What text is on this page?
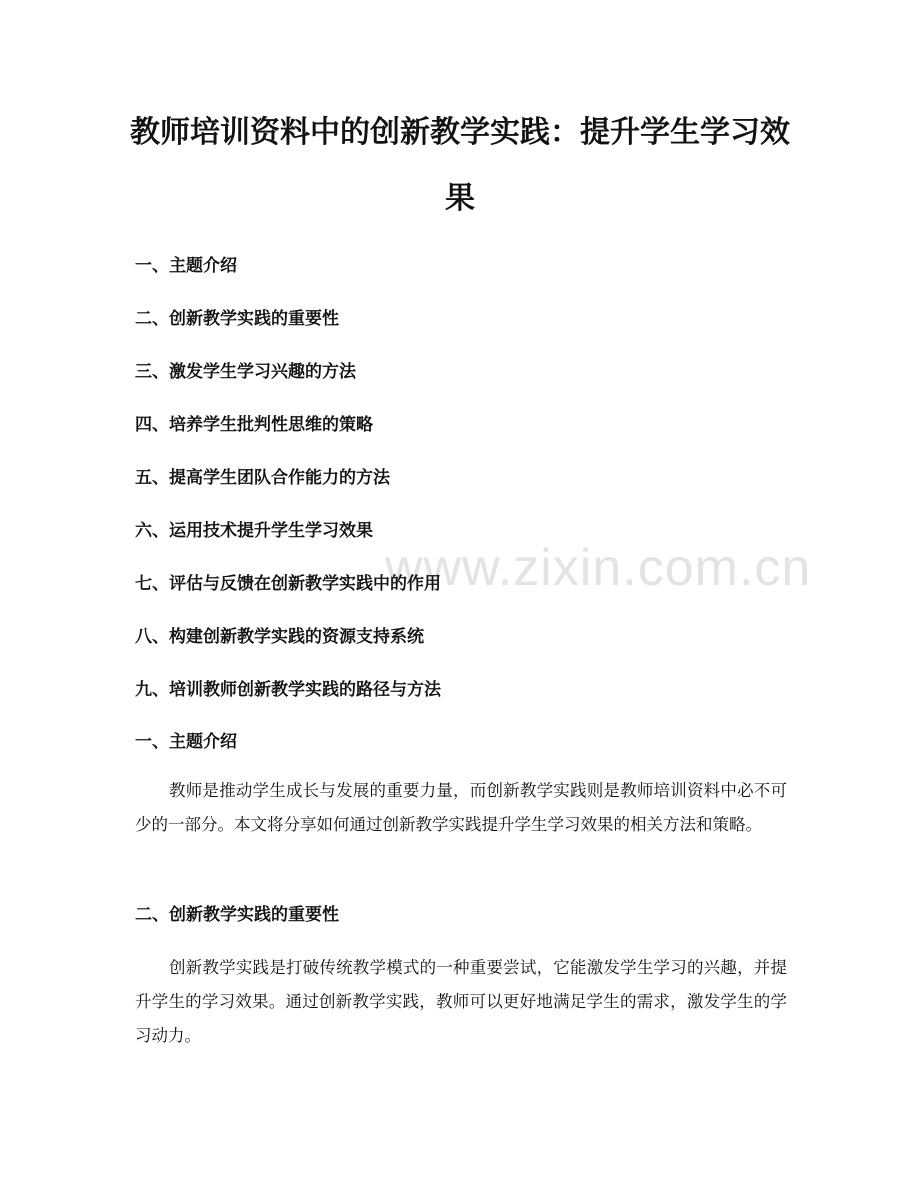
www.zixin.com.cn
教师培训资料中的创新教学实践：提升学生学习效果
一、主题介绍
二、创新教学实践的重要性
三、激发学生学习兴趣的方法
四、培养学生批判性思维的策略
五、提高学生团队合作能力的方法
六、运用技术提升学生学习效果
七、评估与反馈在创新教学实践中的作用
八、构建创新教学实践的资源支持系统
九、培训教师创新教学实践的路径与方法
一、主题介绍

教师是推动学生成长与发展的重要力量，而创新教学实践则是教师培训资料中必不可少的一部分。本文将分享如何通过创新教学实践提升学生学习效果的相关方法和策略。

二、创新教学实践的重要性

创新教学实践是打破传统教学模式的一种重要尝试，它能激发学生学习的兴趣，并提升学生的学习效果。通过创新教学实践，教师可以更好地满足学生的需求，激发学生的学习动力。
